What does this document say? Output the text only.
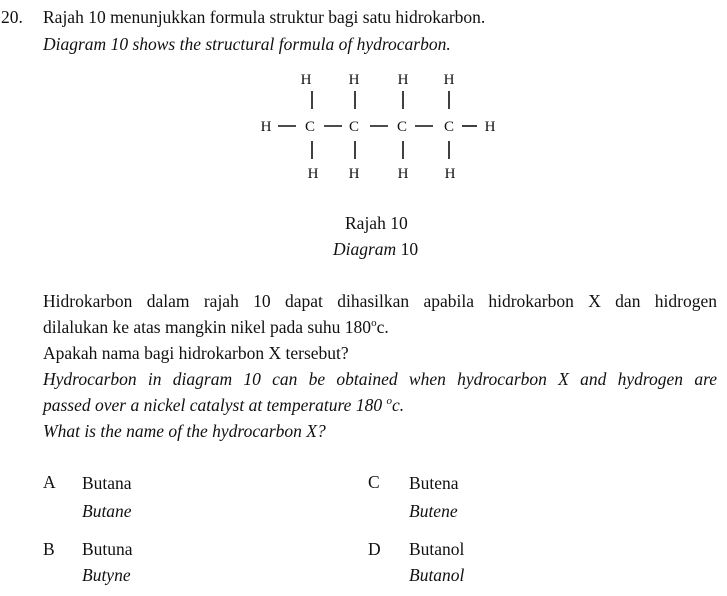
20. Rajah 10 menunjukkan formula struktur bagi satu hidrokarbon.
Diagram 10 shows the structural formula of hydrocarbon.
H H	H H
H C C	C C H
H H	H H
Rajah 10
Diagram 10
Hidrokarbon dalam rajah 10 dapat dihasilkan apabila hidrokarbon X dan hidrogen
dilalukan ke atas mangkin nikel pada suhu 180$^o$c.
Apakah nama bagi hidrokarbon X tersebut?
Hydrocarbon in diagram 10 can be obtained when hydrocarbon X and hydrogen are
passed over a nickel catalyst at temperature 180 $^o$c.
What is the name of the hydrocarbon X?
A Butana
Butane
B Butuna
Butyne
C Butena
Butene
D Butanol
Butanol
